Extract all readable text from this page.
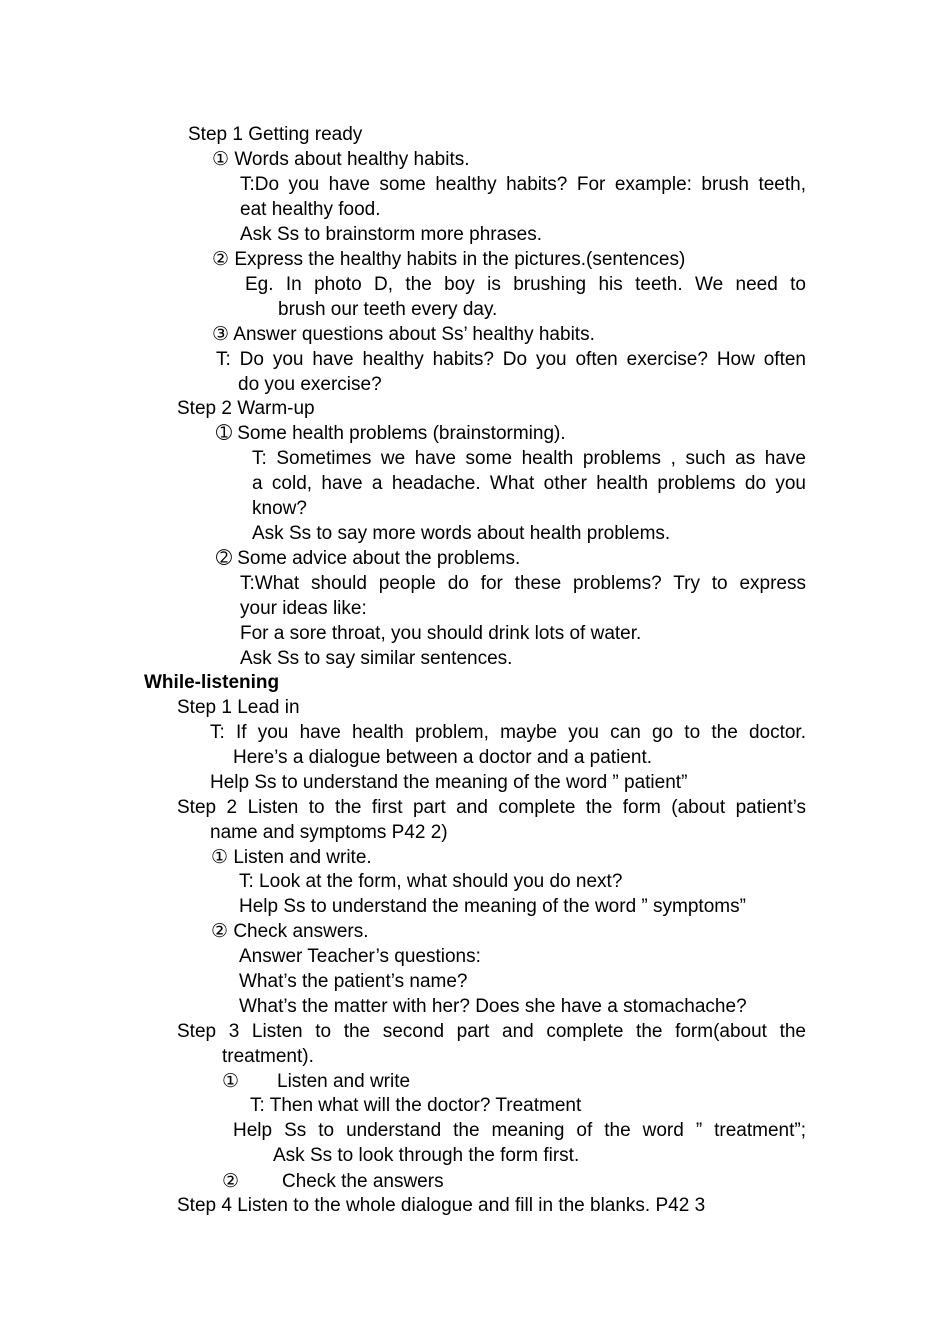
Step 1 Getting ready
① Words about healthy habits.
T:Do you have some healthy habits? For example: brush teeth,
eat healthy food.
Ask Ss to brainstorm more phrases.
② Express the healthy habits in the pictures.(sentences)
Eg. In photo D, the boy is brushing his teeth. We need to
brush our teeth every day.
③ Answer questions about Ss’ healthy habits.
T: Do you have healthy habits? Do you often exercise? How often
do you exercise?
Step 2 Warm-up
➀ Some health problems (brainstorming).
T: Sometimes we have some health problems , such as have
a cold, have a headache. What other health problems do you
know?
Ask Ss to say more words about health problems.
➁ Some advice about the problems.
T:What should people do for these problems? Try to express
your ideas like:
For a sore throat, you should drink lots of water.
Ask Ss to say similar sentences.
While-listening
Step 1 Lead in
T: If you have health problem, maybe you can go to the doctor.
Here’s a dialogue between a doctor and a patient.
Help Ss to understand the meaning of the word ” patient”
Step 2 Listen to the first part and complete the form (about patient’s
name and symptoms P42 2)
① Listen and write.
T: Look at the form, what should you do next?
Help Ss to understand the meaning of the word ” symptoms”
② Check answers.
Answer Teacher’s questions:
What’s the patient’s name?
What’s the matter with her? Does she have a stomachache?
Step 3 Listen to the second part and complete the form(about the
treatment).
① Listen and write
T: Then what will the doctor? Treatment
Help Ss to understand the meaning of the word ” treatment”;
Ask Ss to look through the form first.
② Check the answers
Step 4 Listen to the whole dialogue and fill in the blanks. P42 3
